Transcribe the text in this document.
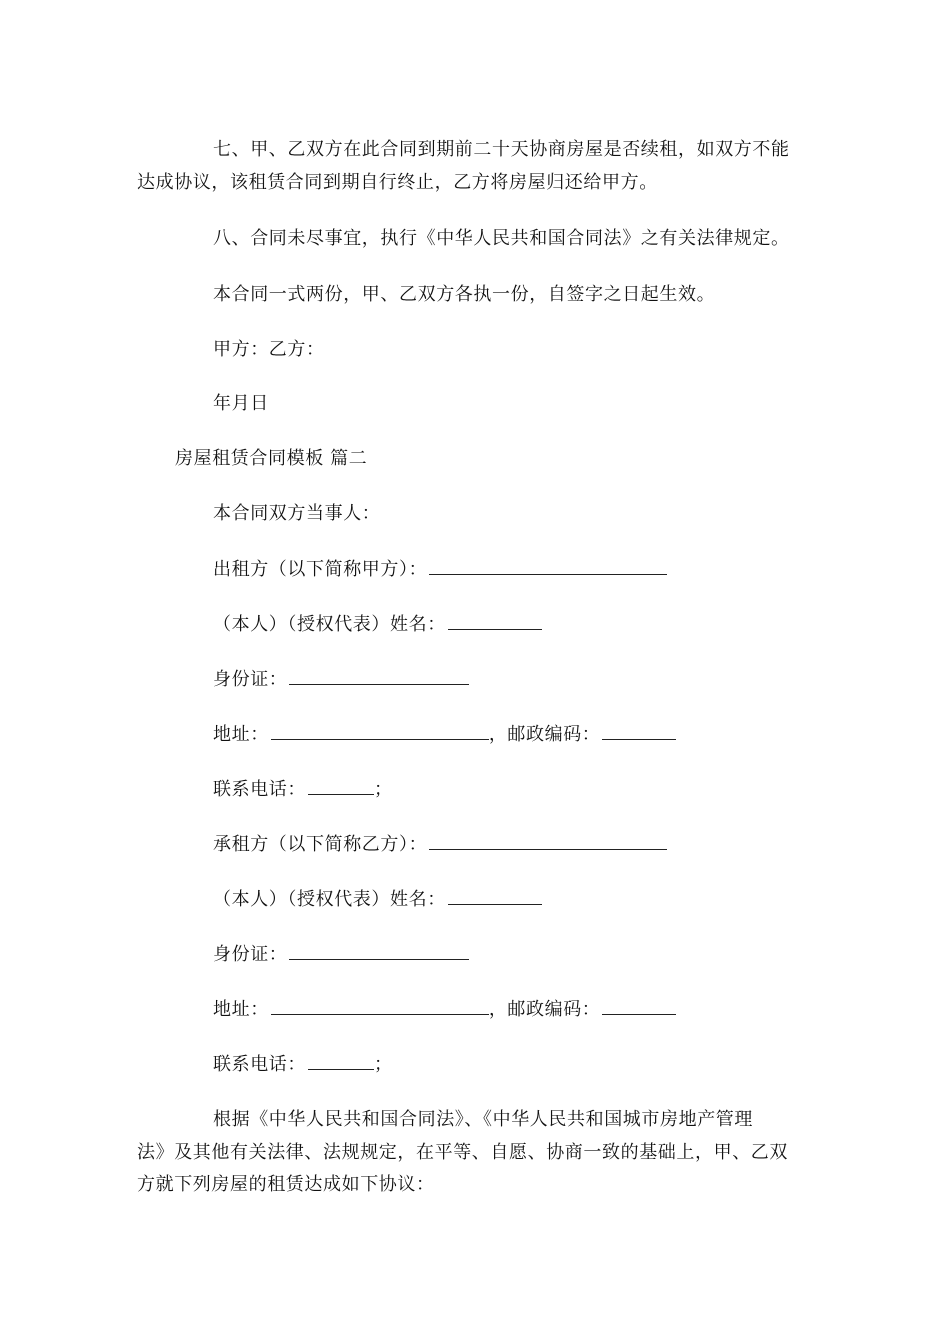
七、甲、乙双方在此合同到期前二十天协商房屋是否续租，如双方不能
达成协议，该租赁合同到期自行终止，乙方将房屋归还给甲方。
八、合同未尽事宜，执行《中华人民共和国合同法》之有关法律规定。
本合同一式两份，甲、乙双方各执一份，自签字之日起生效。
甲方：乙方：
年月日
房屋租赁合同模板 篇二
本合同双方当事人：
出租方（以下简称甲方）：
（本人）（授权代表）姓名：
身份证：
地址：	，邮政编码：
联系电话：	；
承租方（以下简称乙方）：
（本人）（授权代表）姓名：
身份证：
地址：	，邮政编码：
联系电话：	；
根据《中华人民共和国合同法》、《中华人民共和国城市房地产管理
法》及其他有关法律、法规规定，在平等、自愿、协商一致的基础上，甲、乙双
方就下列房屋的租赁达成如下协议：
